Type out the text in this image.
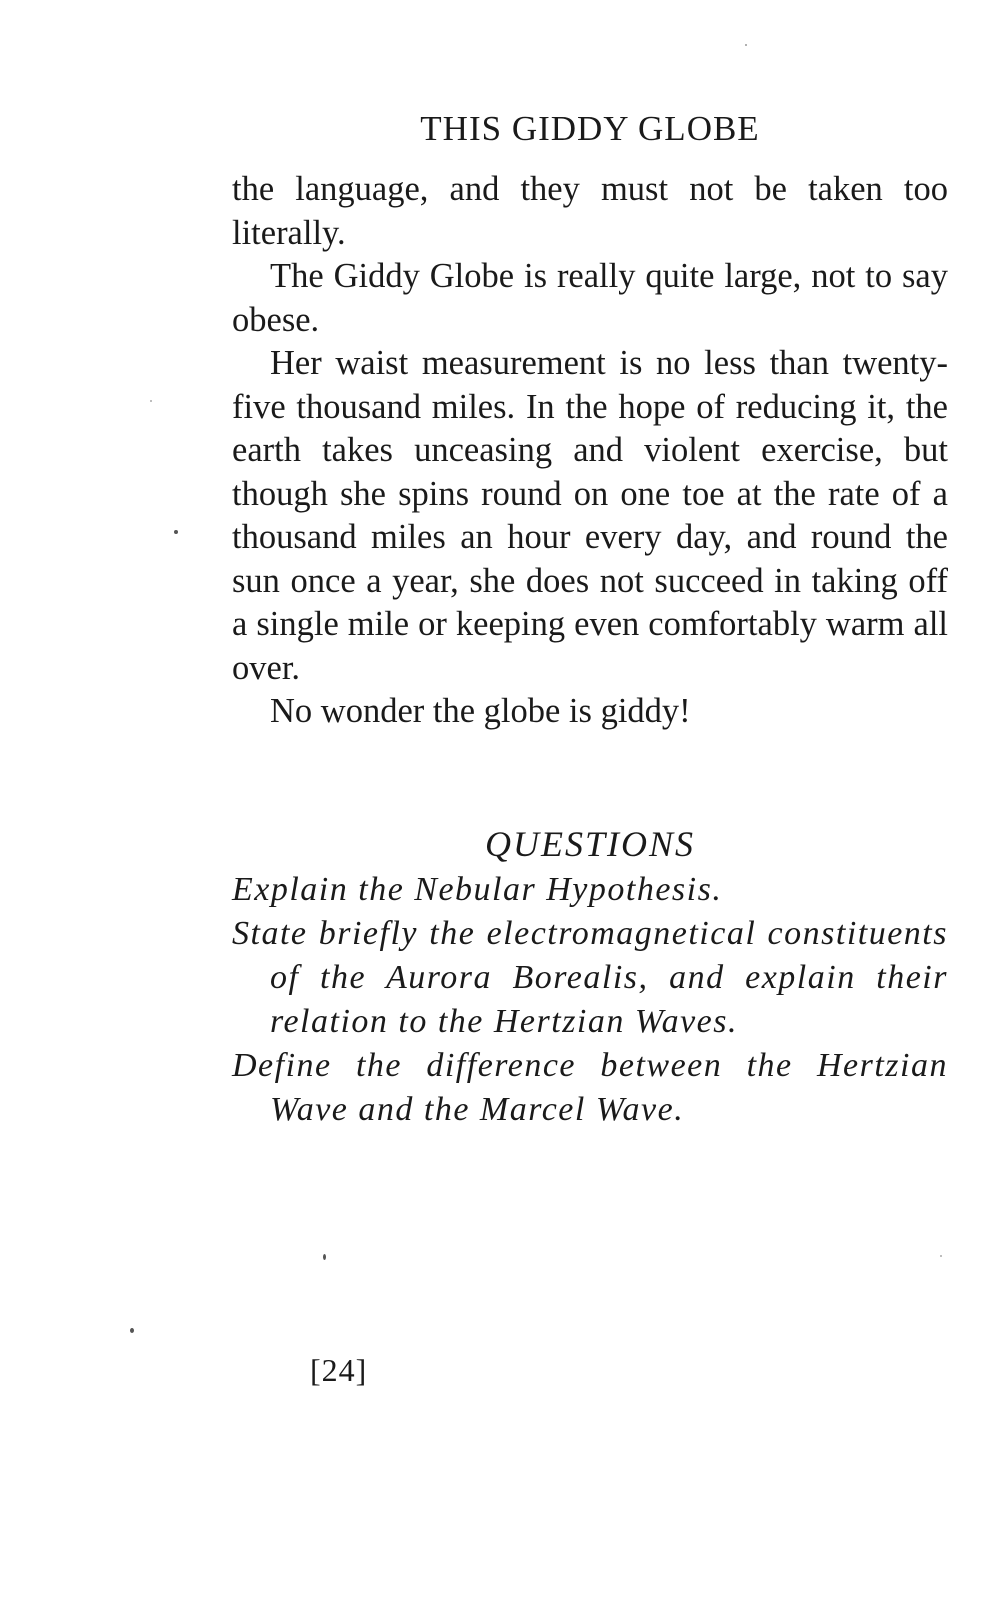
THIS GIDDY GLOBE

the language, and they must not be taken too literally.

The Giddy Globe is really quite large, not to say obese.

Her waist measurement is no less than twenty-five thousand miles. In the hope of reducing it, the earth takes unceasing and violent exercise, but though she spins round on one toe at the rate of a thousand miles an hour every day, and round the sun once a year, she does not succeed in taking off a single mile or keeping even comfortably warm all over.

No wonder the globe is giddy!

QUESTIONS

Explain the Nebular Hypothesis.

State briefly the electromagnetical constituents of the Aurora Borealis, and explain their relation to the Hertzian Waves.

Define the difference between the Hertzian Wave and the Marcel Wave.

[24]
